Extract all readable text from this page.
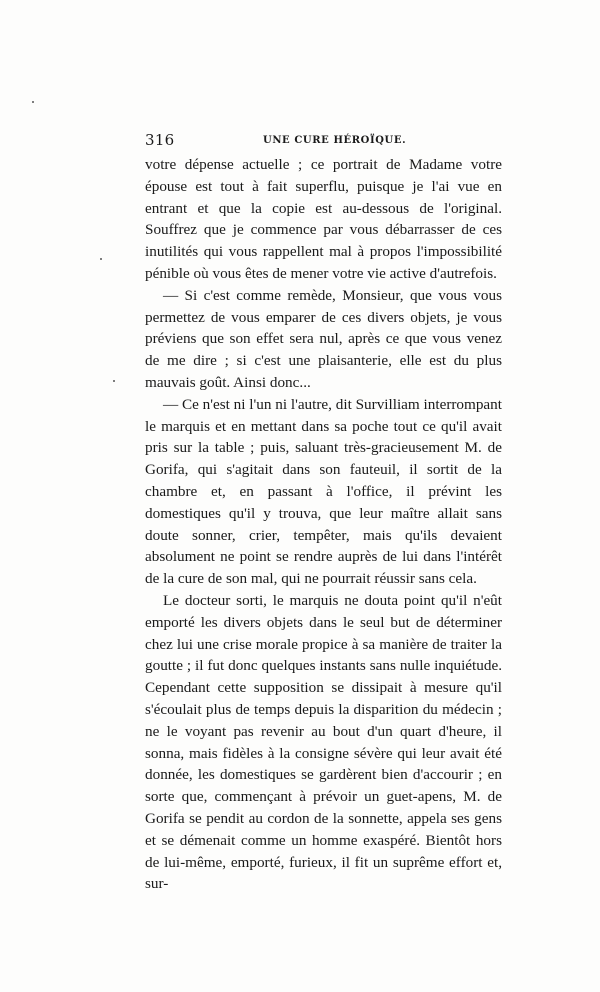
316	UNE CURE HÉROÏQUE.

votre dépense actuelle ; ce portrait de Madame votre épouse est tout à fait superflu, puisque je l'ai vue en entrant et que la copie est au-dessous de l'original. Souffrez que je commence par vous débarrasser de ces inutilités qui vous rappellent mal à propos l'impossibilité pénible où vous êtes de mener votre vie active d'autrefois.

— Si c'est comme remède, Monsieur, que vous vous permettez de vous emparer de ces divers objets, je vous préviens que son effet sera nul, après ce que vous venez de me dire ; si c'est une plaisanterie, elle est du plus mauvais goût. Ainsi donc...

— Ce n'est ni l'un ni l'autre, dit Survilliam interrompant le marquis et en mettant dans sa poche tout ce qu'il avait pris sur la table ; puis, saluant très-gracieusement M. de Gorifa, qui s'agitait dans son fauteuil, il sortit de la chambre et, en passant à l'office, il prévint les domestiques qu'il y trouva, que leur maître allait sans doute sonner, crier, tempêter, mais qu'ils devaient absolument ne point se rendre auprès de lui dans l'intérêt de la cure de son mal, qui ne pourrait réussir sans cela.

Le docteur sorti, le marquis ne douta point qu'il n'eût emporté les divers objets dans le seul but de déterminer chez lui une crise morale propice à sa manière de traiter la goutte ; il fut donc quelques instants sans nulle inquiétude. Cependant cette supposition se dissipait à mesure qu'il s'écoulait plus de temps depuis la disparition du médecin ; ne le voyant pas revenir au bout d'un quart d'heure, il sonna, mais fidèles à la consigne sévère qui leur avait été donnée, les domestiques se gardèrent bien d'accourir ; en sorte que, commençant à prévoir un guet-apens, M. de Gorifa se pendit au cordon de la sonnette, appela ses gens et se démenait comme un homme exaspéré. Bientôt hors de lui-même, emporté, furieux, il fit un suprême effort et, sur-
